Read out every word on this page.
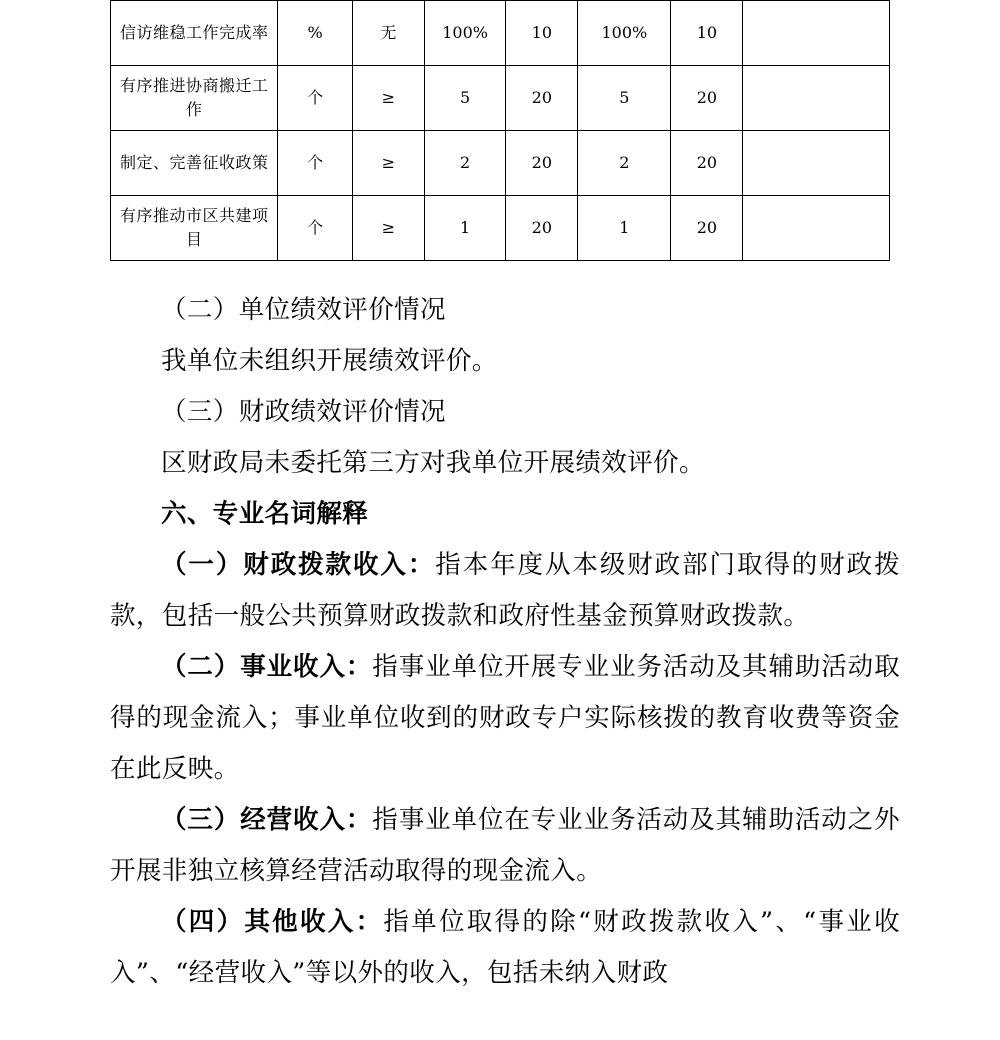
信访维稳工作完成率	%	无	100%	10	100%	10	
有序推进协商搬迁工作	个	≥	5	20	5	20	
制定、完善征收政策	个	≥	2	20	2	20	
有序推动市区共建项目	个	≥	1	20	1	20	

（二）单位绩效评价情况

我单位未组织开展绩效评价。

（三）财政绩效评价情况

区财政局未委托第三方对我单位开展绩效评价。

六、专业名词解释

（一）财政拨款收入：指本年度从本级财政部门取得的财政拨款，包括一般公共预算财政拨款和政府性基金预算财政拨款。

（二）事业收入：指事业单位开展专业业务活动及其辅助活动取得的现金流入；事业单位收到的财政专户实际核拨的教育收费等资金在此反映。

（三）经营收入：指事业单位在专业业务活动及其辅助活动之外开展非独立核算经营活动取得的现金流入。

（四）其他收入：指单位取得的除“财政拨款收入”、“事业收入”、“经营收入”等以外的收入，包括未纳入财政
